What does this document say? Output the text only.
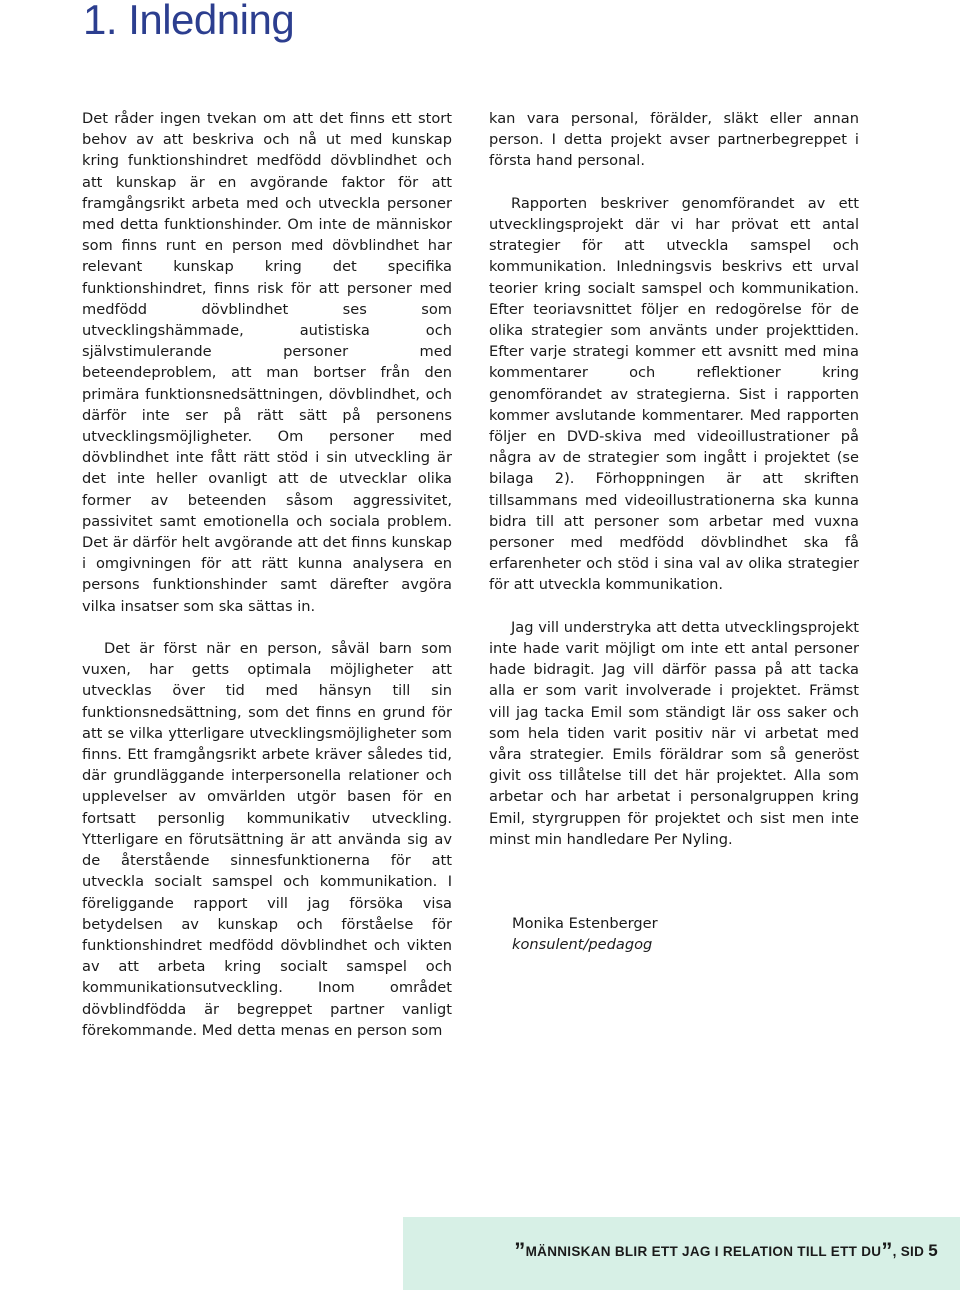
1. Inledning

Det råder ingen tvekan om att det finns ett stort behov av att beskriva och nå ut med kunskap kring funktionshindret medfödd dövblindhet och att kunskap är en avgörande faktor för att framgångsrikt arbeta med och utveckla personer med detta funktionshinder. Om inte de människor som finns runt en person med dövblindhet har relevant kunskap kring det specifika funktionshindret, finns risk för att personer med medfödd dövblindhet ses som utvecklingshämmade, autistiska och självstimulerande personer med beteendeproblem, att man bortser från den primära funktionsnedsättningen, dövblindhet, och därför inte ser på rätt sätt på personens utvecklingsmöjligheter. Om personer med dövblindhet inte fått rätt stöd i sin utveckling är det inte heller ovanligt att de utvecklar olika former av beteenden såsom aggressivitet, passivitet samt emotionella och sociala problem. Det är därför helt avgörande att det finns kunskap i omgivningen för att rätt kunna analysera en persons funktionshinder samt därefter avgöra vilka insatser som ska sättas in.

Det är först när en person, såväl barn som vuxen, har getts optimala möjligheter att utvecklas över tid med hänsyn till sin funktionsnedsättning, som det finns en grund för att se vilka ytterligare utvecklingsmöjligheter som finns. Ett framgångsrikt arbete kräver således tid, där grundläggande interpersonella relationer och upplevelser av omvärlden utgör basen för en fortsatt personlig kommunikativ utveckling. Ytterligare en förutsättning är att använda sig av de återstående sinnesfunktionerna för att utveckla socialt samspel och kommunikation. I föreliggande rapport vill jag försöka visa betydelsen av kunskap och förståelse för funktionshindret medfödd dövblindhet och vikten av att arbeta kring socialt samspel och kommunikationsutveckling. Inom området dövblindfödda är begreppet partner vanligt förekommande. Med detta menas en person som

kan vara personal, förälder, släkt eller annan person. I detta projekt avser partnerbegreppet i första hand personal.

Rapporten beskriver genomförandet av ett utvecklingsprojekt där vi har prövat ett antal strategier för att utveckla samspel och kommunikation. Inledningsvis beskrivs ett urval teorier kring socialt samspel och kommunikation. Efter teoriavsnittet följer en redogörelse för de olika strategier som använts under projekttiden. Efter varje strategi kommer ett avsnitt med mina kommentarer och reflektioner kring genomförandet av strategierna. Sist i rapporten kommer avslutande kommentarer. Med rapporten följer en DVD-skiva med videoillustrationer på några av de strategier som ingått i projektet (se bilaga 2). Förhoppningen är att skriften tillsammans med videoillustrationerna ska kunna bidra till att personer som arbetar med vuxna personer med medfödd dövblindhet ska få erfarenheter och stöd i sina val av olika strategier för att utveckla kommunikation.

Jag vill understryka att detta utvecklingsprojekt inte hade varit möjligt om inte ett antal personer hade bidragit. Jag vill därför passa på att tacka alla er som varit involverade i projektet. Främst vill jag tacka Emil som ständigt lär oss saker och som hela tiden varit positiv när vi arbetat med våra strategier. Emils föräldrar som så generöst givit oss tillåtelse till det här projektet. Alla som arbetar och har arbetat i personalgruppen kring Emil, styrgruppen för projektet och sist men inte minst min handledare Per Nyling.

Monika Estenberger
konsulent/pedagog
”MÄNNISKAN BLIR ETT JAG I RELATION TILL ETT DU”, SID 5
